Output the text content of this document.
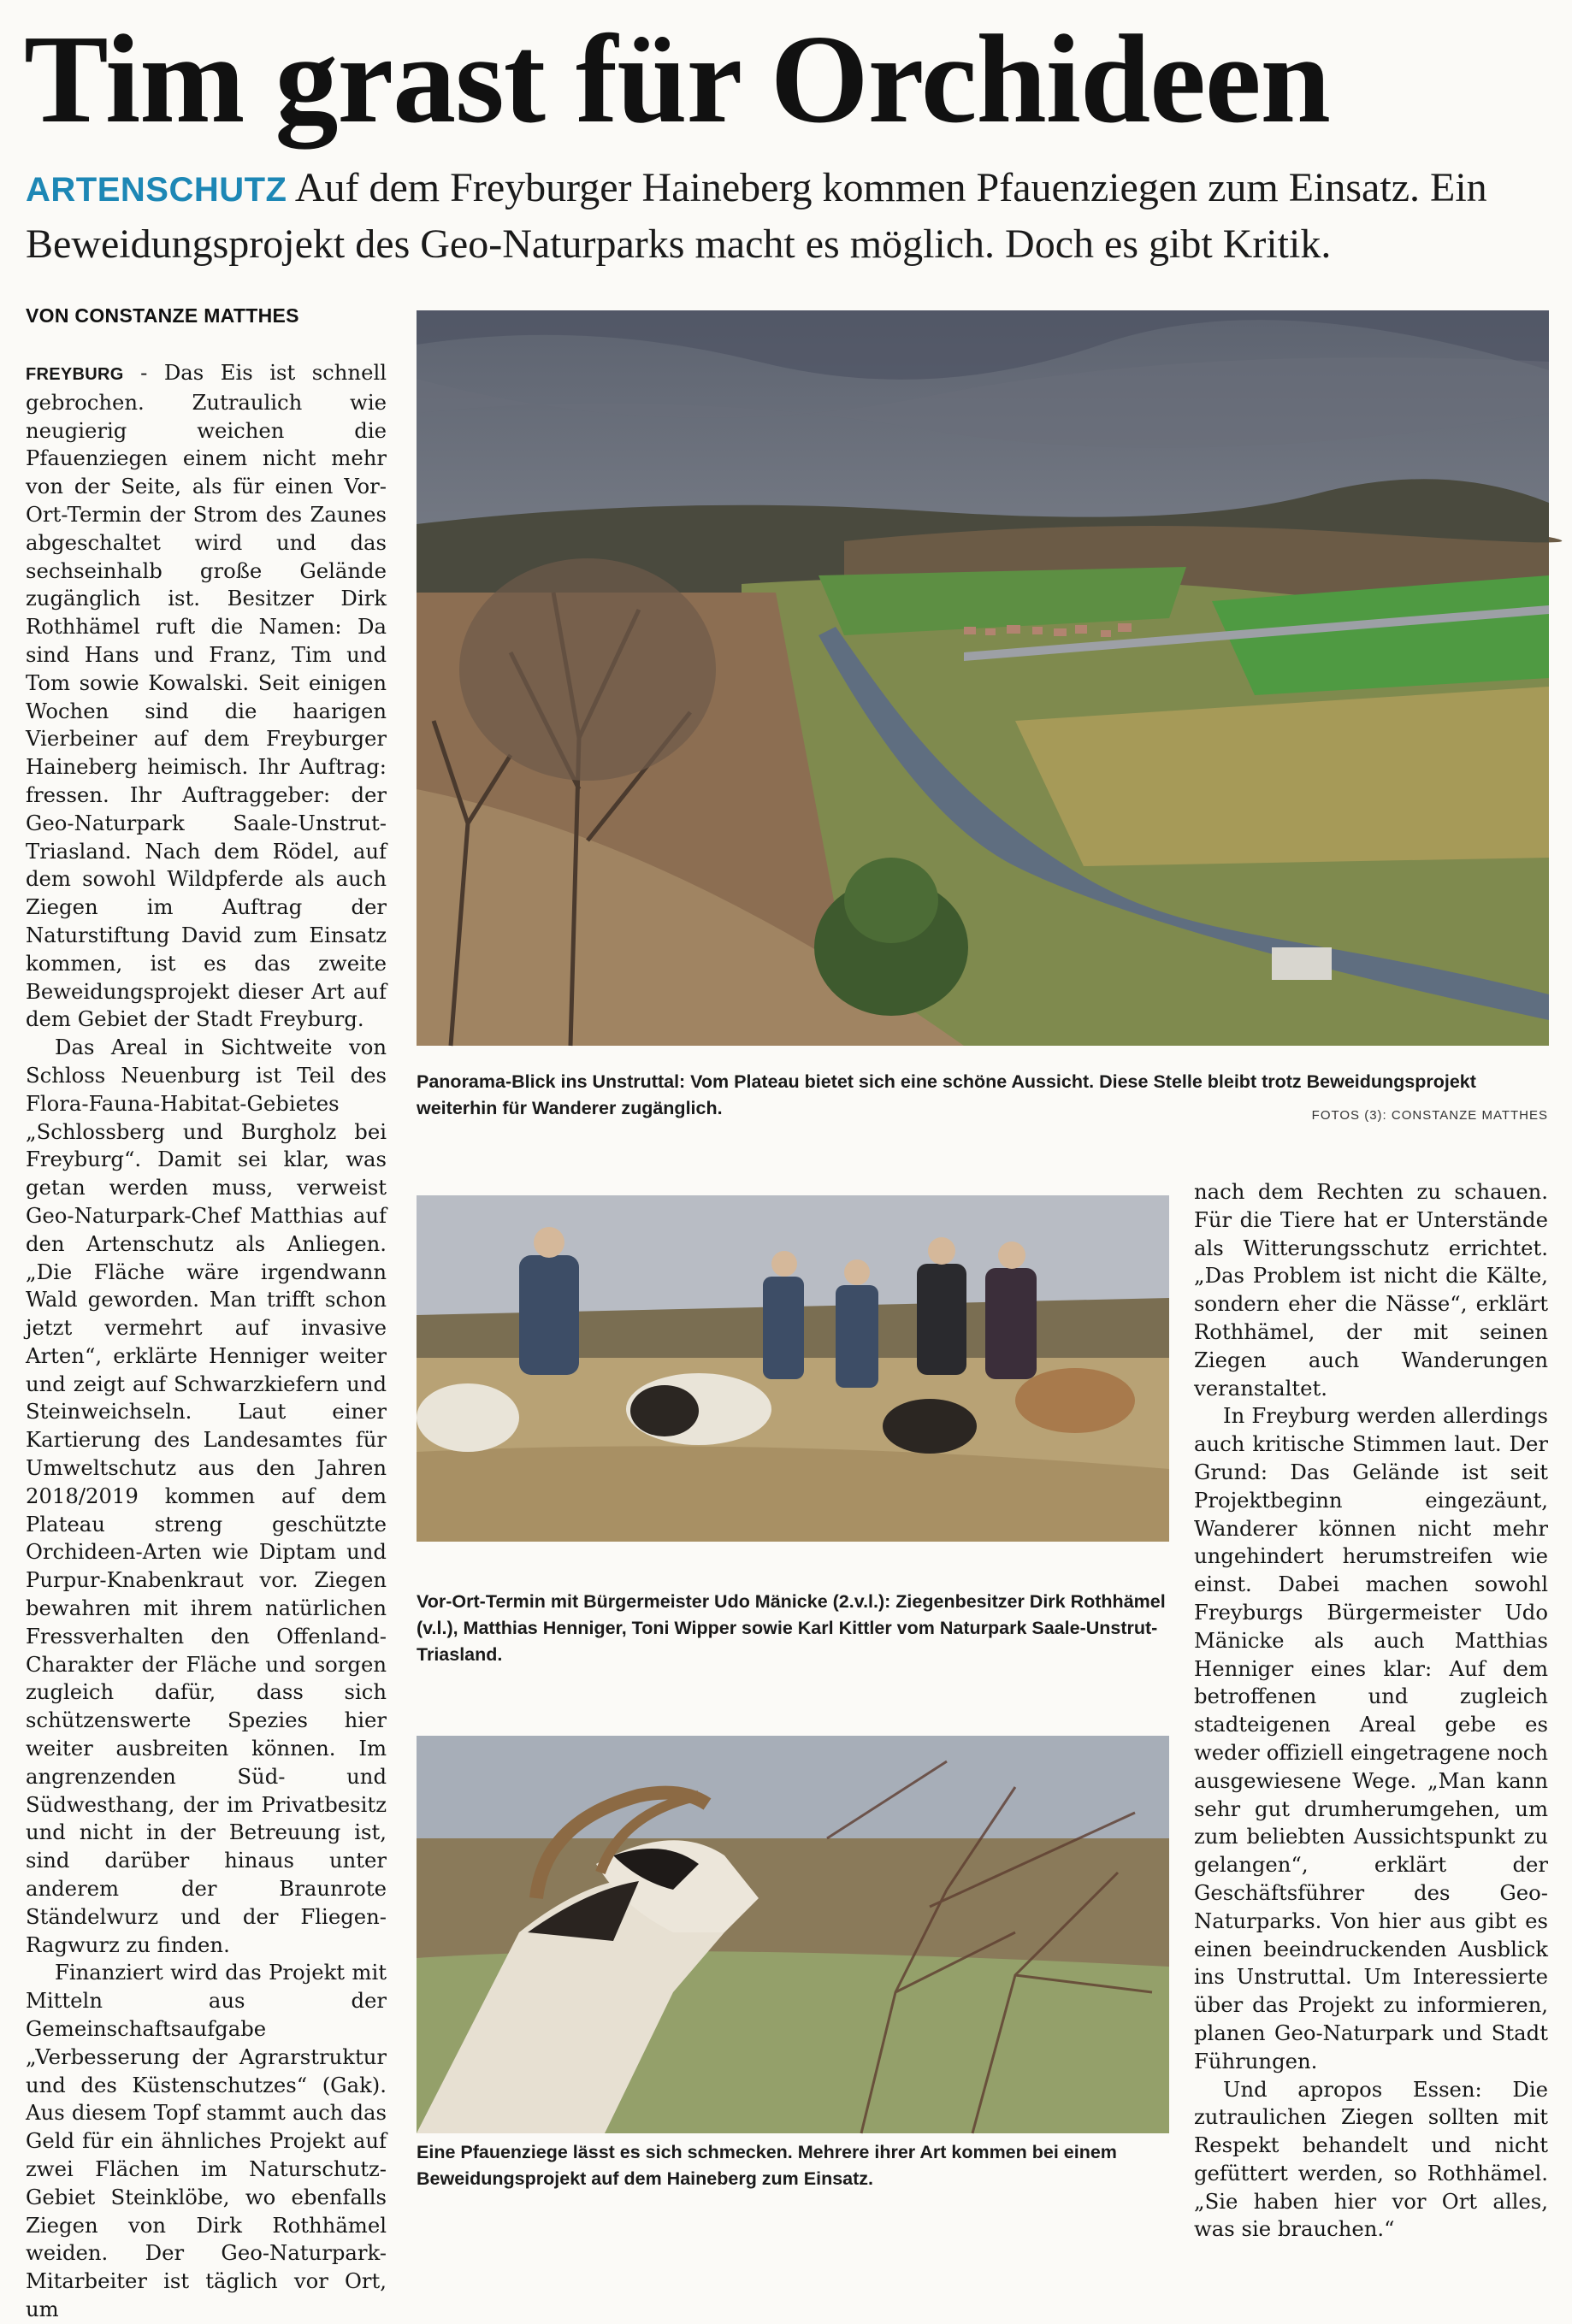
Tim grast für Orchideen

ARTENSCHUTZ Auf dem Freyburger Haineberg kommen Pfauenziegen zum Einsatz. Ein Beweidungsprojekt des Geo-Naturparks macht es möglich. Doch es gibt Kritik.

VON CONSTANZE MATTHES

FREYBURG - Das Eis ist schnell gebrochen. Zutraulich wie neugierig weichen die Pfauenziegen einem nicht mehr von der Seite, als für einen Vor-Ort-Termin der Strom des Zaunes abgeschaltet wird und das sechseinhalb große Gelände zugänglich ist. Besitzer Dirk Rothhämel ruft die Namen: Da sind Hans und Franz, Tim und Tom sowie Kowalski. Seit einigen Wochen sind die haarigen Vierbeiner auf dem Freyburger Haineberg heimisch. Ihr Auftrag: fressen. Ihr Auftraggeber: der Geo-Naturpark Saale-Unstrut-Triasland. Nach dem Rödel, auf dem sowohl Wildpferde als auch Ziegen im Auftrag der Naturstiftung David zum Einsatz kommen, ist es das zweite Beweidungsprojekt dieser Art auf dem Gebiet der Stadt Freyburg.

Das Areal in Sichtweite von Schloss Neuenburg ist Teil des Flora-Fauna-Habitat-Gebietes „Schlossberg und Burgholz bei Freyburg“. Damit sei klar, was getan werden muss, verweist Geo-Naturpark-Chef Matthias auf den Artenschutz als Anliegen. „Die Fläche wäre irgendwann Wald geworden. Man trifft schon jetzt vermehrt auf invasive Arten“, erklärte Henniger weiter und zeigt auf Schwarzkiefern und Steinweichseln. Laut einer Kartierung des Landesamtes für Umweltschutz aus den Jahren 2018/2019 kommen auf dem Plateau streng geschützte Orchideen-Arten wie Diptam und Purpur-Knabenkraut vor. Ziegen bewahren mit ihrem natürlichen Fressverhalten den Offenland-Charakter der Fläche und sorgen zugleich dafür, dass sich schützenswerte Spezies hier weiter ausbreiten können. Im angrenzenden Süd- und Südwesthang, der im Privatbesitz und nicht in der Betreuung ist, sind darüber hinaus unter anderem der Braunrote Ständelwurz und der Fliegen-Ragwurz zu finden.

Finanziert wird das Projekt mit Mitteln aus der Gemeinschaftsaufgabe „Verbesserung der Agrarstruktur und des Küstenschutzes“ (Gak). Aus diesem Topf stammt auch das Geld für ein ähnliches Projekt auf zwei Flächen im Naturschutz-Gebiet Steinklöbe, wo ebenfalls Ziegen von Dirk Rothhämel weiden. Der Geo-Naturpark-Mitarbeiter ist täglich vor Ort, um

Panorama-Blick ins Unstruttal: Vom Plateau bietet sich eine schöne Aussicht. Diese Stelle bleibt trotz Beweidungsprojekt weiterhin für Wanderer zugänglich.	FOTOS (3): CONSTANZE MATTHES

Vor-Ort-Termin mit Bürgermeister Udo Mänicke (2.v.l.): Ziegenbesitzer Dirk Rothhämel (v.l.), Matthias Henniger, Toni Wipper sowie Karl Kittler vom Naturpark Saale-Unstrut-Triasland.

Eine Pfauenziege lässt es sich schmecken. Mehrere ihrer Art kommen bei einem Beweidungsprojekt auf dem Haineberg zum Einsatz.

nach dem Rechten zu schauen. Für die Tiere hat er Unterstände als Witterungsschutz errichtet. „Das Problem ist nicht die Kälte, sondern eher die Nässe“, erklärt Rothhämel, der mit seinen Ziegen auch Wanderungen veranstaltet.

In Freyburg werden allerdings auch kritische Stimmen laut. Der Grund: Das Gelände ist seit Projektbeginn eingezäunt, Wanderer können nicht mehr ungehindert herumstreifen wie einst. Dabei machen sowohl Freyburgs Bürgermeister Udo Mänicke als auch Matthias Henniger eines klar: Auf dem betroffenen und zugleich stadteigenen Areal gebe es weder offiziell eingetragene noch ausgewiesene Wege. „Man kann sehr gut drumherumgehen, um zum beliebten Aussichtspunkt zu gelangen“, erklärt der Geschäftsführer des Geo-Naturparks. Von hier aus gibt es einen beeindruckenden Ausblick ins Unstruttal. Um Interessierte über das Projekt zu informieren, planen Geo-Naturpark und Stadt Führungen.

Und apropos Essen: Die zutraulichen Ziegen sollten mit Respekt behandelt und nicht gefüttert werden, so Rothhämel. „Sie haben hier vor Ort alles, was sie brauchen.“
